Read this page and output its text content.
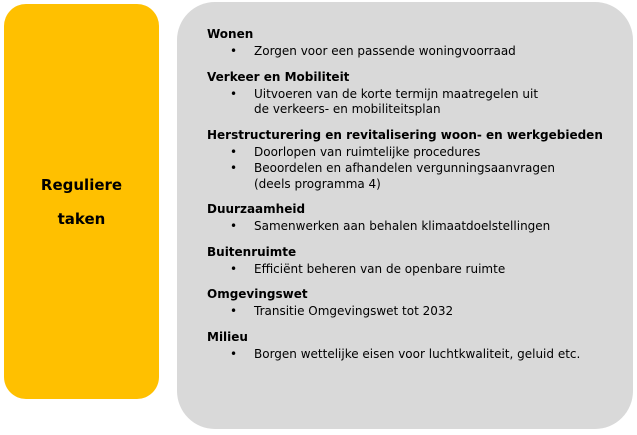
Reguliere
taken

Wonen

• Zorgen voor een passende woningvoorraad

Verkeer en Mobiliteit

• Uitvoeren van de korte termijn maatregelen uit de verkeers- en mobiliteitsplan

Herstructurering en revitalisering woon- en werkgebieden

• Doorlopen van ruimtelijke procedures
• Beoordelen en afhandelen vergunningsaanvragen (deels programma 4)

Duurzaamheid

• Samenwerken aan behalen klimaatdoelstellingen

Buitenruimte

• Efficiënt beheren van de openbare ruimte

Omgevingswet

• Transitie Omgevingswet tot 2032

Milieu

• Borgen wettelijke eisen voor luchtkwaliteit, geluid etc.
